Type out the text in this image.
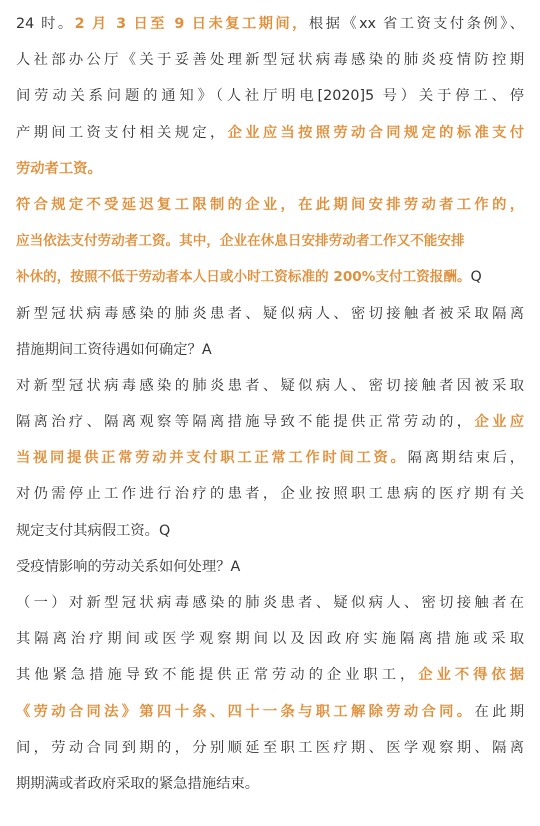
24 时。2 月 3 日至 9 日未复工期间，根据《xx 省工资支付条例》、
人社部办公厅《关于妥善处理新型冠状病毒感染的肺炎疫情防控期
间劳动关系问题的通知》（人社厅明电[2020]5 号）关于停工、停
产期间工资支付相关规定，企业应当按照劳动合同规定的标准支付
劳动者工资。
符合规定不受延迟复工限制的企业，在此期间安排劳动者工作的，
应当依法支付劳动者工资。其中，企业在休息日安排劳动者工作又不能安排
补休的，按照不低于劳动者本人日或小时工资标准的 200%支付工资报酬。Q
新型冠状病毒感染的肺炎患者、疑似病人、密切接触者被采取隔离
措施期间工资待遇如何确定？A
对新型冠状病毒感染的肺炎患者、疑似病人、密切接触者因被采取
隔离治疗、隔离观察等隔离措施导致不能提供正常劳动的，企业应
当视同提供正常劳动并支付职工正常工作时间工资。隔离期结束后，
对仍需停止工作进行治疗的患者，企业按照职工患病的医疗期有关
规定支付其病假工资。Q
受疫情影响的劳动关系如何处理？A
（一）对新型冠状病毒感染的肺炎患者、疑似病人、密切接触者在
其隔离治疗期间或医学观察期间以及因政府实施隔离措施或采取
其他紧急措施导致不能提供正常劳动的企业职工，企业不得依据
《劳动合同法》第四十条、四十一条与职工解除劳动合同。在此期
间，劳动合同到期的，分别顺延至职工医疗期、医学观察期、隔离
期期满或者政府采取的紧急措施结束。
